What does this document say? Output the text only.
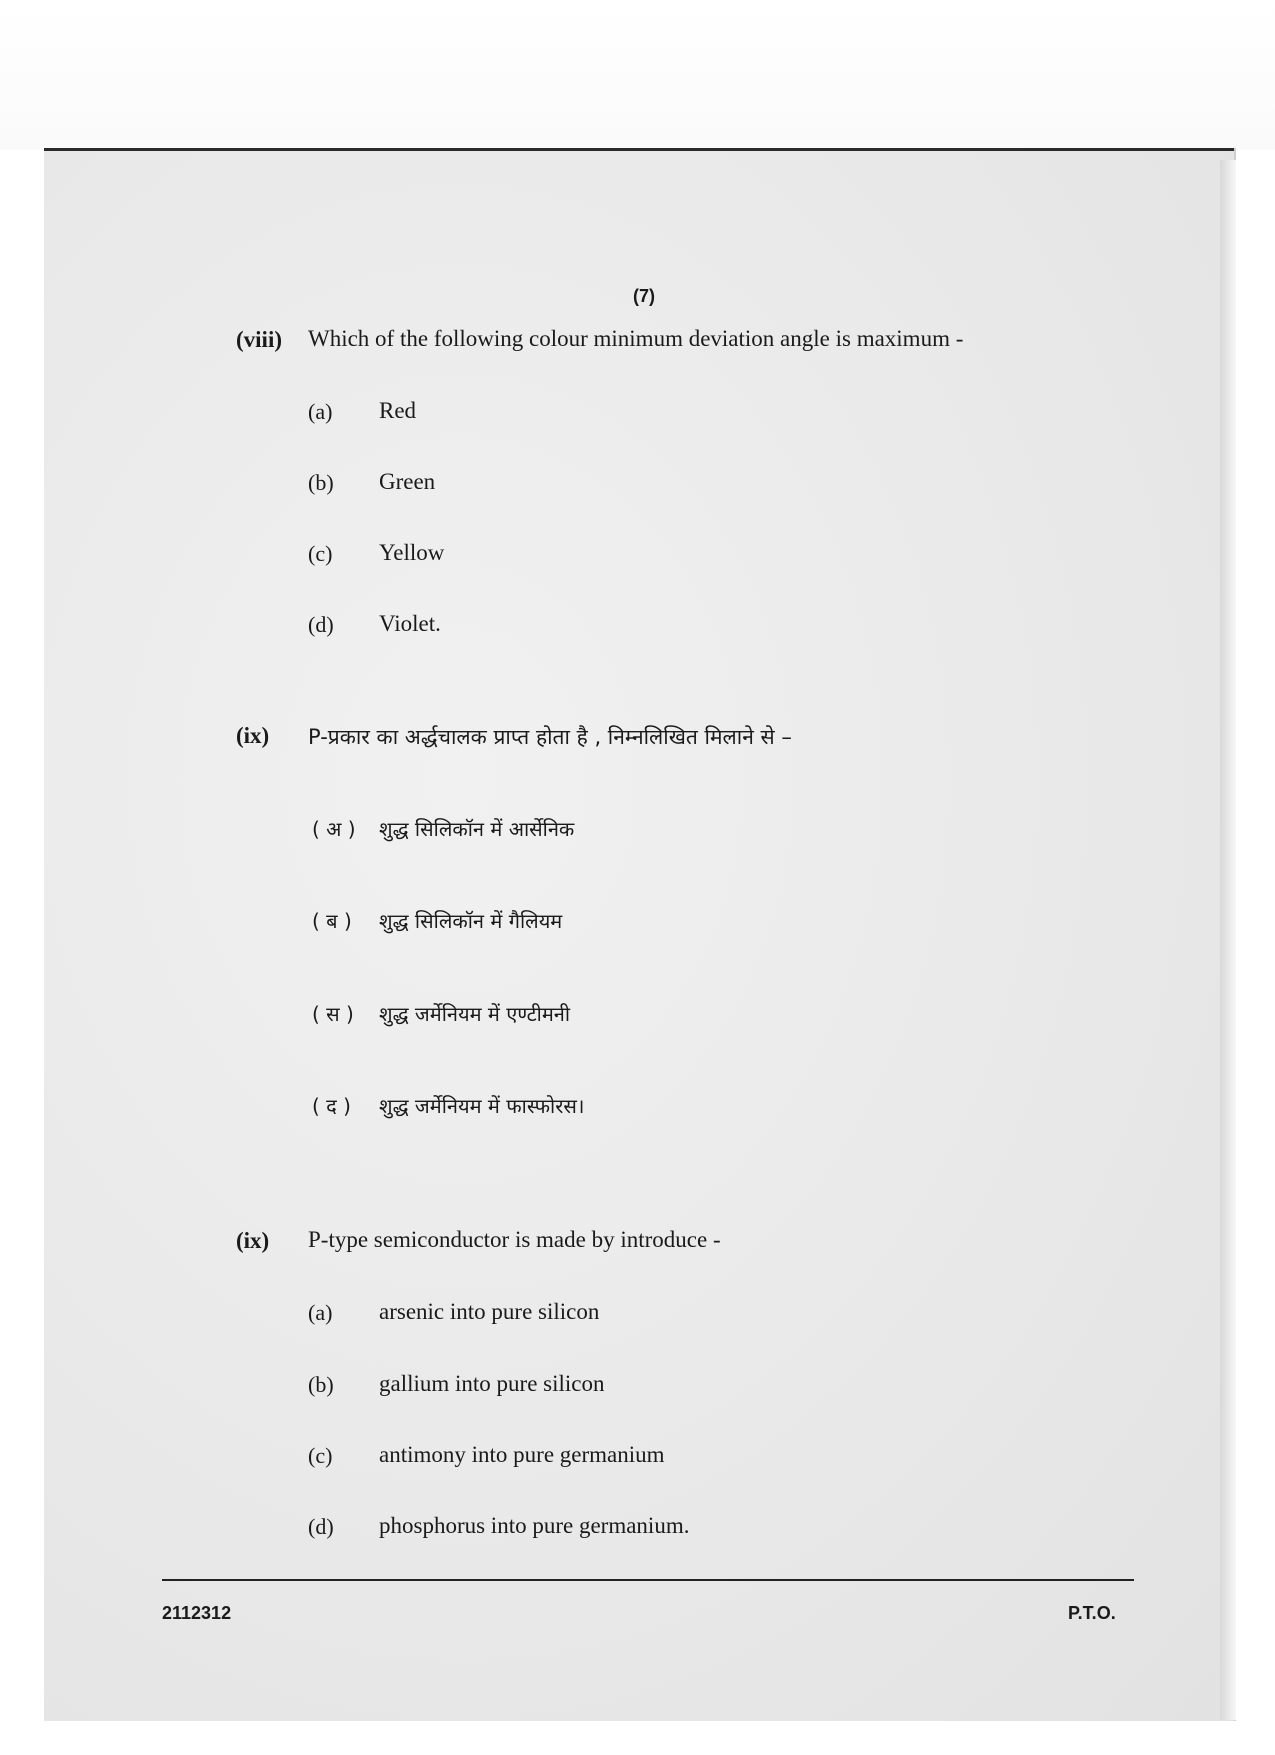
(7)
(viii) Which of the following colour minimum deviation angle is maximum -
(a) Red
(b) Green
(c) Yellow
(d) Violet.
(ix) P-प्रकार का अर्द्धचालक प्राप्त होता है , निम्नलिखित मिलाने से –
( अ ) शुद्ध सिलिकॉन में आर्सेनिक
( ब ) शुद्ध सिलिकॉन में गैलियम
( स ) शुद्ध जर्मेनियम में एण्टीमनी
( द ) शुद्ध जर्मेनियम में फास्फोरस।
(ix) P-type semiconductor is made by introduce -
(a) arsenic into pure silicon
(b) gallium into pure silicon
(c) antimony into pure germanium
(d) phosphorus into pure germanium.
2112312	P.T.O.
